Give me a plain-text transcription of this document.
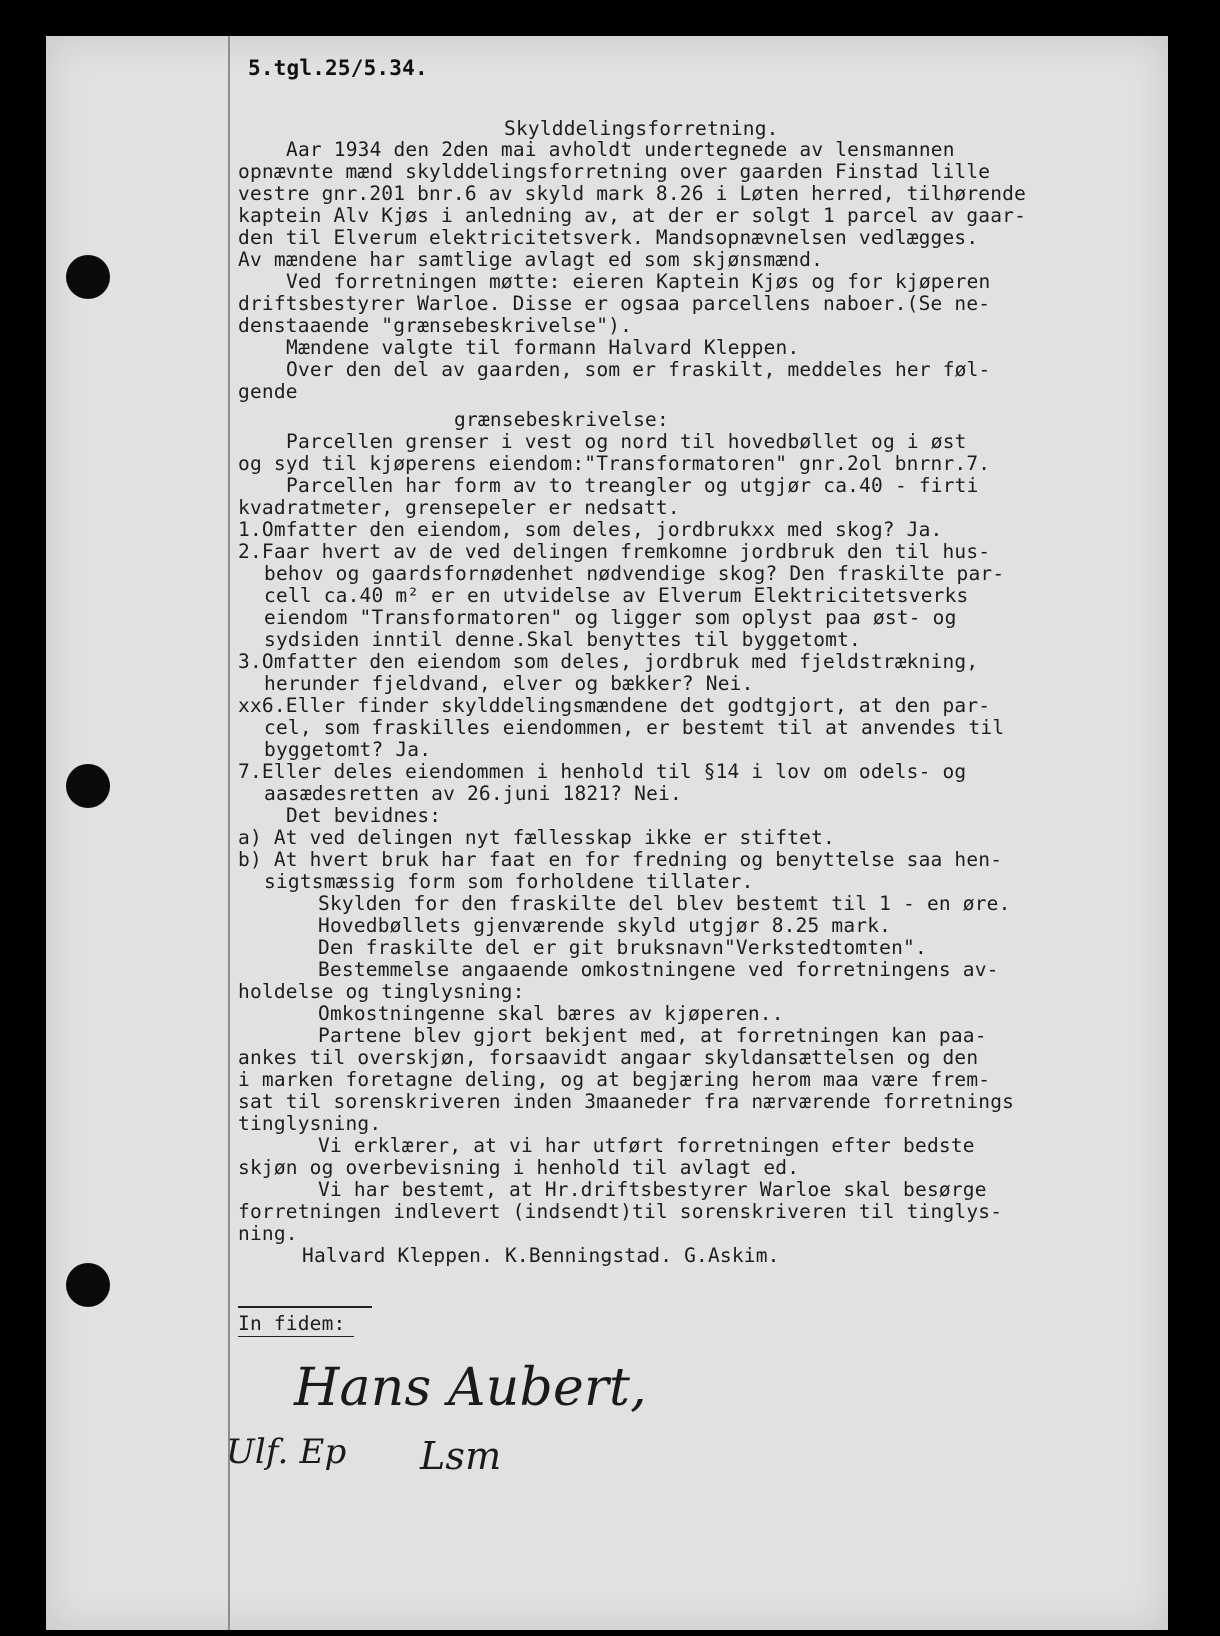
5.tgl.25/5.34.
Skylddelingsforretning.
Aar 1934 den 2den mai avholdt undertegnede av lensmannen
opnævnte mænd skylddelingsforretning over gaarden Finstad lille
vestre gnr.201 bnr.6 av skyld mark 8.26 i Løten herred, tilhørende
kaptein Alv Kjøs i anledning av, at der er solgt 1 parcel av gaar-
den til Elverum elektricitetsverk. Mandsopnævnelsen vedlægges.
Av mændene har samtlige avlagt ed som skjønsmænd.
Ved forretningen møtte: eieren Kaptein Kjøs og for kjøperen
driftsbestyrer Warloe. Disse er ogsaa parcellens naboer.(Se ne-
denstaaende "grænsebeskrivelse").
Mændene valgte til formann Halvard Kleppen.
Over den del av gaarden, som er fraskilt, meddeles her føl-
gende
grænsebeskrivelse:
Parcellen grenser i vest og nord til hovedbøllet og i øst
og syd til kjøperens eiendom:"Transformatoren" gnr.2ol bnrnr.7.
Parcellen har form av to treangler og utgjør ca.40 - firti
kvadratmeter, grensepeler er nedsatt.
1.Omfatter den eiendom, som deles, jordbrukxx med skog? Ja.
2.Faar hvert av de ved delingen fremkomne jordbruk den til hus-
behov og gaardsfornødenhet nødvendige skog? Den fraskilte par-
cell ca.40 m² er en utvidelse av Elverum Elektricitetsverks
eiendom "Transformatoren" og ligger som oplyst paa øst- og
sydsiden inntil denne.Skal benyttes til byggetomt.
3.Omfatter den eiendom som deles, jordbruk med fjeldstrækning,
herunder fjeldvand, elver og bækker? Nei.
xx6.Eller finder skylddelingsmændene det godtgjort, at den par-
cel, som fraskilles eiendommen, er bestemt til at anvendes til
byggetomt? Ja.
7.Eller deles eiendommen i henhold til §14 i lov om odels- og
aasædesretten av 26.juni 1821? Nei.
Det bevidnes:
a) At ved delingen nyt fællesskap ikke er stiftet.
b) At hvert bruk har faat en for fredning og benyttelse saa hen-
sigtsmæssig form som forholdene tillater.
Skylden for den fraskilte del blev bestemt til 1 - en øre.
Hovedbøllets gjenværende skyld utgjør 8.25 mark.
Den fraskilte del er git bruksnavn"Verkstedtomten".
Bestemmelse angaaende omkostningene ved forretningens av-
holdelse og tinglysning:
Omkostningenne skal bæres av kjøperen..
Partene blev gjort bekjent med, at forretningen kan paa-
ankes til overskjøn, forsaavidt angaar skyldansættelsen og den
i marken foretagne deling, og at begjæring herom maa være frem-
sat til sorenskriveren inden 3maaneder fra nærværende forretnings
tinglysning.
Vi erklærer, at vi har utført forretningen efter bedste
skjøn og overbevisning i henhold til avlagt ed.
Vi har bestemt, at Hr.driftsbestyrer Warloe skal besørge
forretningen indlevert (indsendt)til sorenskriveren til tinglys-
ning.
Halvard Kleppen. K.Benningstad. G.Askim.
In fidem:
Hans Aubert,
Ulf. Ep Lsm
